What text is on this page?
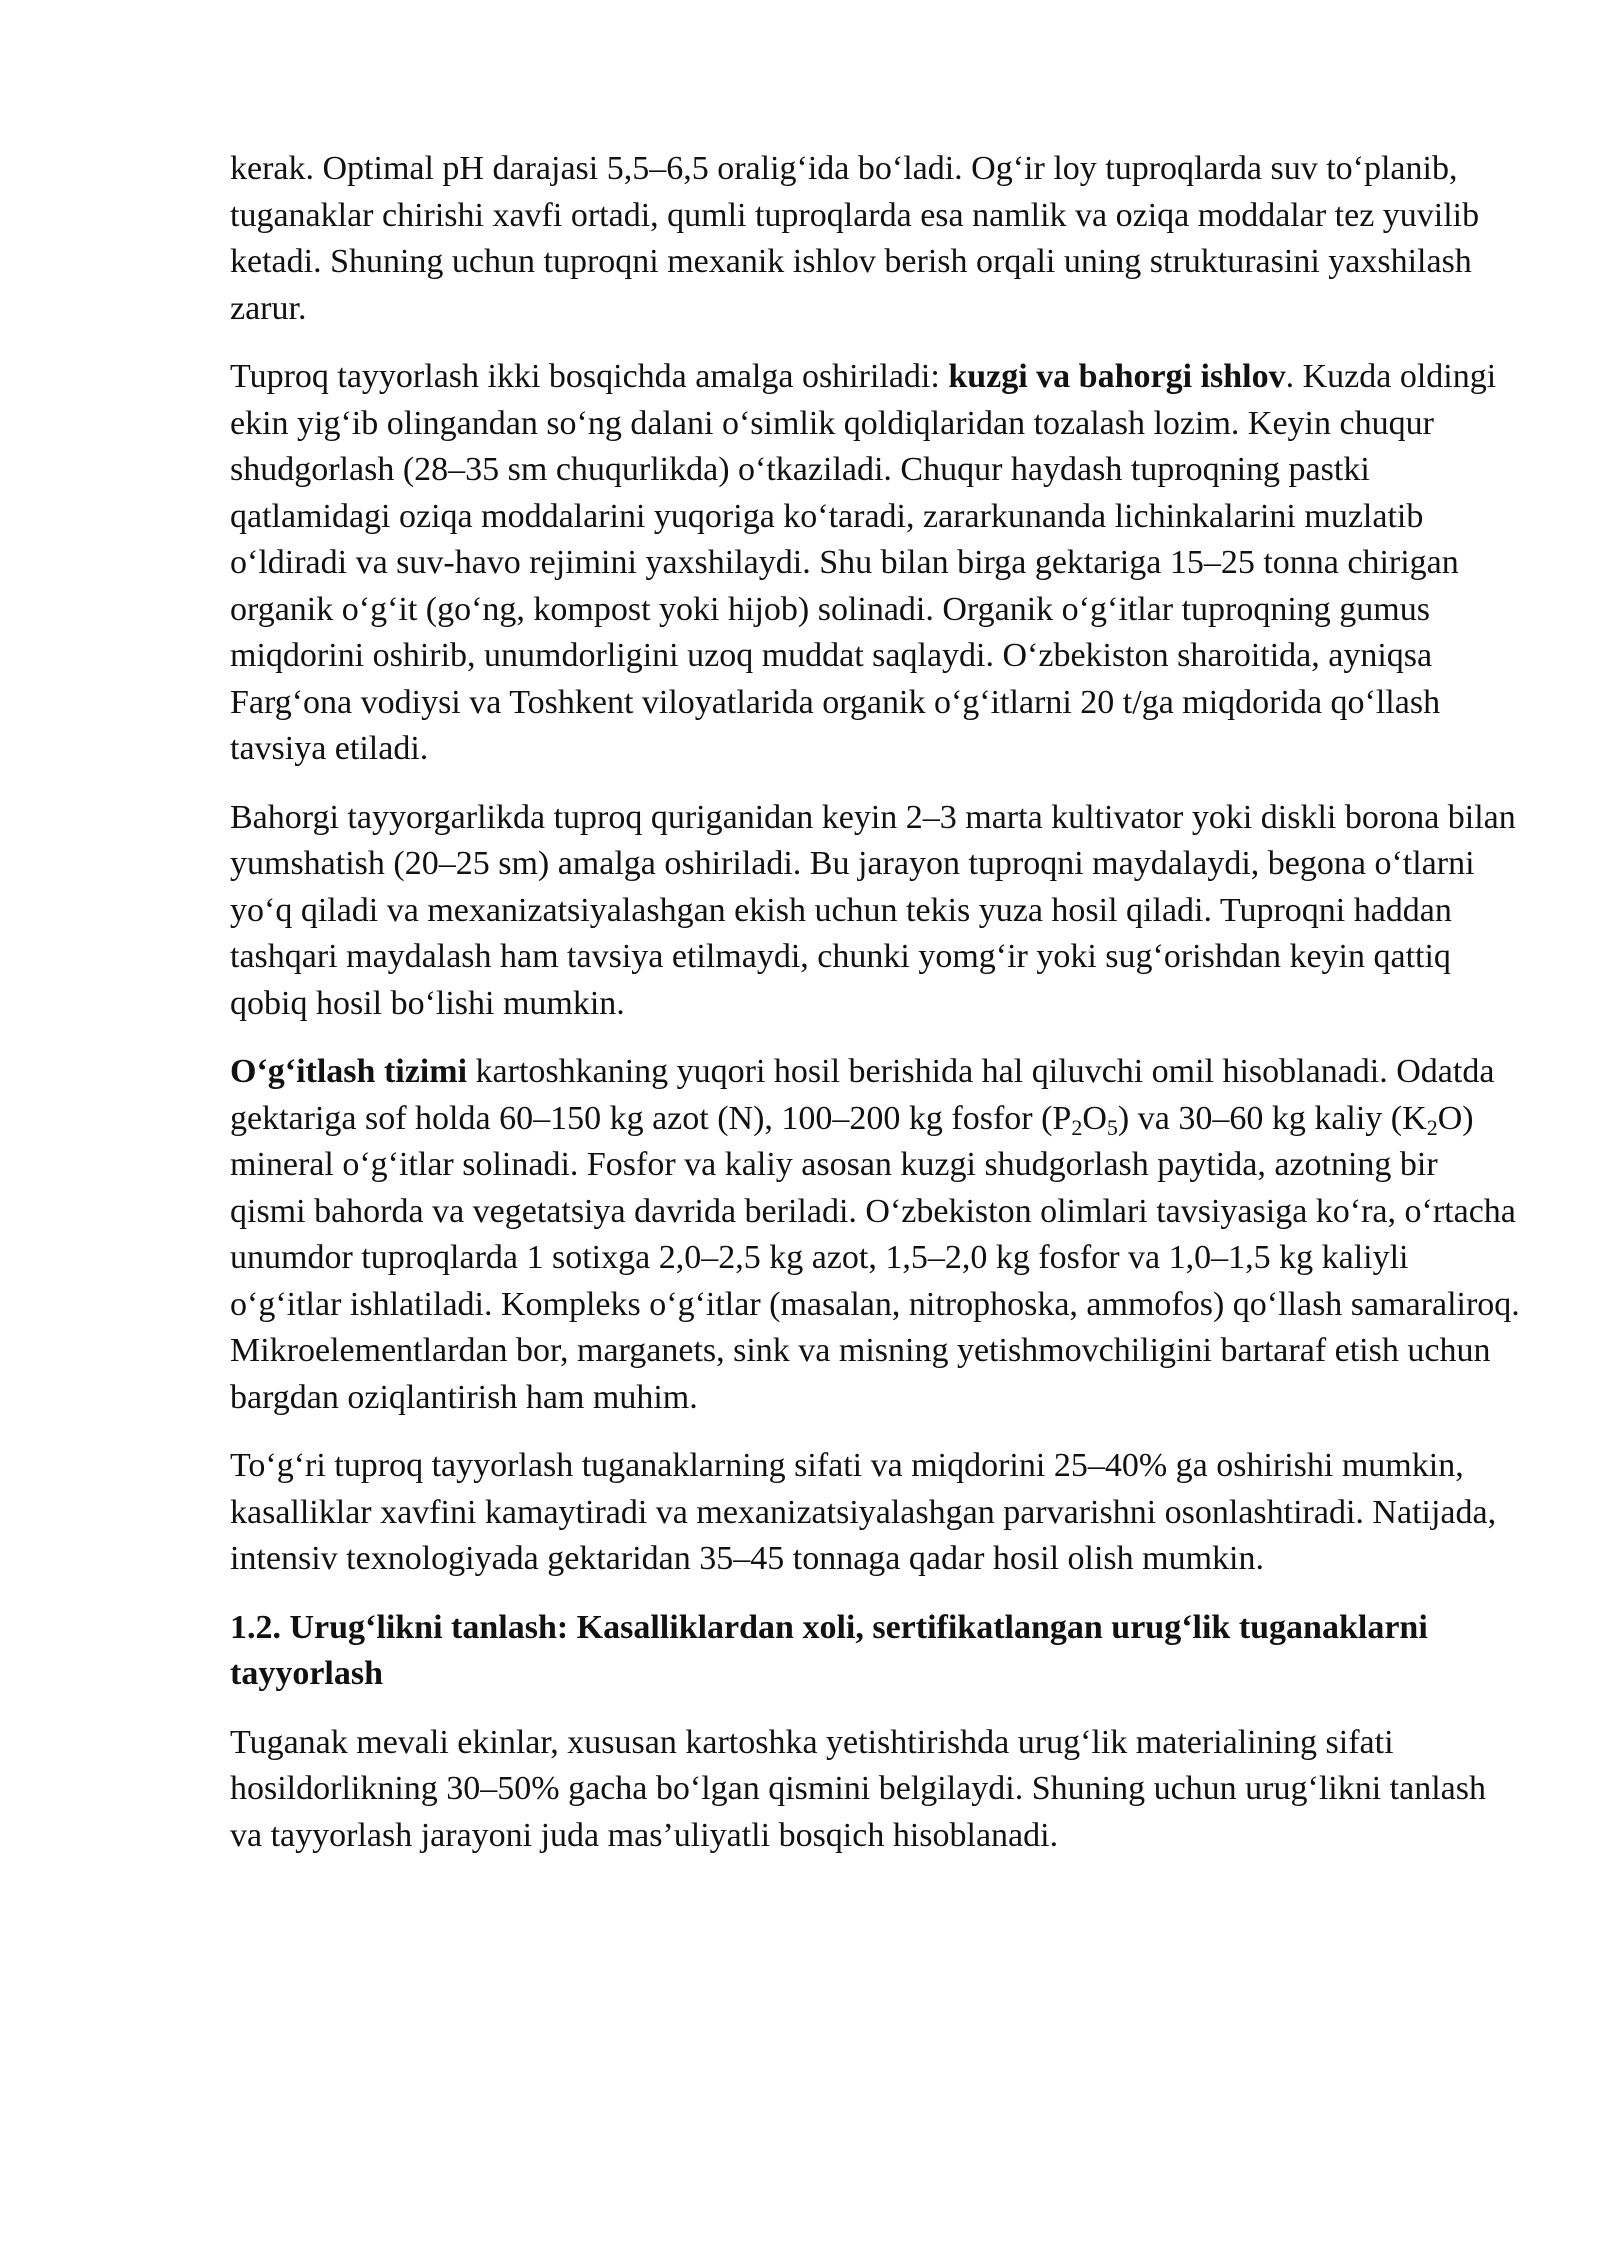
kerak. Optimal pH darajasi 5,5–6,5 oralig‘ida bo‘ladi. Og‘ir loy tuproqlarda suv to‘planib, tuganaklar chirishi xavfi ortadi, qumli tuproqlarda esa namlik va oziqa moddalar tez yuvilib ketadi. Shuning uchun tuproqni mexanik ishlov berish orqali uning strukturasini yaxshilash zarur.

Tuproq tayyorlash ikki bosqichda amalga oshiriladi: kuzgi va bahorgi ishlov. Kuzda oldingi ekin yig‘ib olingandan so‘ng dalani o‘simlik qoldiqlaridan tozalash lozim. Keyin chuqur shudgorlash (28–35 sm chuqurlikda) o‘tkaziladi. Chuqur haydash tuproqning pastki qatlamidagi oziqa moddalarini yuqoriga ko‘taradi, zararkunanda lichinkalarini muzlatib o‘ldiradi va suv-havo rejimini yaxshilaydi. Shu bilan birga gektariga 15–25 tonna chirigan organik o‘g‘it (go‘ng, kompost yoki hijob) solinadi. Organik o‘g‘itlar tuproqning gumus miqdorini oshirib, unumdorligini uzoq muddat saqlaydi. O‘zbekiston sharoitida, ayniqsa Farg‘ona vodiysi va Toshkent viloyatlarida organik o‘g‘itlarni 20 t/ga miqdorida qo‘llash tavsiya etiladi.

Bahorgi tayyorgarlikda tuproq quriganidan keyin 2–3 marta kultivator yoki diskli borona bilan yumshatish (20–25 sm) amalga oshiriladi. Bu jarayon tuproqni maydalaydi, begona o‘tlarni yo‘q qiladi va mexanizatsiyalashgan ekish uchun tekis yuza hosil qiladi. Tuproqni haddan tashqari maydalash ham tavsiya etilmaydi, chunki yomg‘ir yoki sug‘orishdan keyin qattiq qobiq hosil bo‘lishi mumkin.

O‘g‘itlash tizimi kartoshkaning yuqori hosil berishida hal qiluvchi omil hisoblanadi. Odatda gektariga sof holda 60–150 kg azot (N), 100–200 kg fosfor $(P_2O_5)$ va 30–60 kg kaliy $(K_2O)$ mineral o‘g‘itlar solinadi. Fosfor va kaliy asosan kuzgi shudgorlash paytida, azotning bir qismi bahorda va vegetatsiya davrida beriladi. O‘zbekiston olimlari tavsiyasiga ko‘ra, o‘rtacha unumdor tuproqlarda 1 sotixga 2,0–2,5 kg azot, 1,5–2,0 kg fosfor va 1,0–1,5 kg kaliyli o‘g‘itlar ishlatiladi. Kompleks o‘g‘itlar (masalan, nitrophoska, ammofos) qo‘llash samaraliroq. Mikroelementlardan bor, marganets, sink va misning yetishmovchiligini bartaraf etish uchun bargdan oziqlantirish ham muhim.

To‘g‘ri tuproq tayyorlash tuganaklarning sifati va miqdorini 25–40% ga oshirishi mumkin, kasalliklar xavfini kamaytiradi va mexanizatsiyalashgan parvarishni osonlashtiradi. Natijada, intensiv texnologiyada gektaridan 35–45 tonnaga qadar hosil olish mumkin.

1.2. Urug‘likni tanlash: Kasalliklardan xoli, sertifikatlangan urug‘lik tuganaklarni tayyorlash

Tuganak mevali ekinlar, xususan kartoshka yetishtirishda urug‘lik materialining sifati hosildorlikning 30–50% gacha bo‘lgan qismini belgilaydi. Shuning uchun urug‘likni tanlash va tayyorlash jarayoni juda mas’uliyatli bosqich hisoblanadi.
